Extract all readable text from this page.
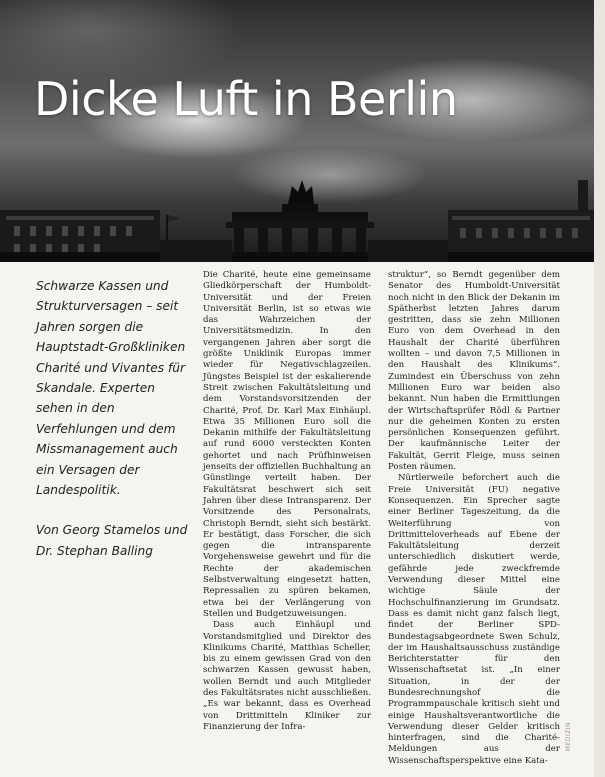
Dicke Luft in Berlin

Schwarze Kassen und Strukturversagen – seit Jahren sorgen die Hauptstadt-Großkliniken Charité und Vivantes für Skandale. Experten sehen in den Verfehlungen und dem Missmanagement auch ein Versagen der Landespolitik.

Von Georg Stamelos und Dr. Stephan Balling

Die Charité, heute eine gemeinsame Gliedkörperschaft der Humboldt-Universität und der Freien Universität Berlin, ist so etwas wie das Wahrzeichen der Universitätsmedizin. In den vergangenen Jahren aber sorgt die größte Uniklinik Europas immer wieder für Negativschlagzeilen. Jüngstes Beispiel ist der eskalierende Streit zwischen Fakultätsleitung und dem Vorstandsvorsitzenden der Charité, Prof. Dr. Karl Max Einhäupl. Etwa 35 Millionen Euro soll die Dekanin mithilfe der Fakultätsleitung auf rund 6000 versteckten Konten gehortet und nach Prüfhinweisen jenseits der offiziellen Buchhaltung an Günstlinge verteilt haben. Der Fakultätsrat beschwert sich seit Jahren über diese Intransparenz. Der Vorsitzende des Personalrats, Christoph Berndt, sieht sich bestärkt. Er bestätigt, dass Forscher, die sich gegen die intransparente Vorgehensweise gewehrt und für die Rechte der akademischen Selbstverwaltung eingesetzt hatten, Repressalien zu spüren bekamen, etwa bei der Verlängerung von Stellen und Budgetzuweisungen.

Dass auch Einhäupl und Vorstandsmitglied und Direktor des Klinikums Charité, Matthias Scheller, bis zu einem gewissen Grad von den schwarzen Kassen gewusst haben, wollen Berndt und auch Mitglieder des Fakultätsrates nicht ausschließen. „Es war bekannt, dass es Overhead von Drittmitteln Kliniker zur Finanzierung der Infra-

struktur“, so Berndt gegenüber dem Senator des Humboldt-Universität noch nicht in den Blick der Dekanin im Spätherbst letzten Jahres darum gestritten, dass sie zehn Millionen Euro von dem Overhead in den Haushalt der Charité überführen wollten – und davon 7,5 Millionen in den Haushalt des Klinikums“. Zumindest ein Überschuss von zehn Millionen Euro war beiden also bekannt. Nun haben die Ermittlungen der Wirtschaftsprüfer Rödl & Partner nur die geheimen Konten zu ersten persönlichen Konsequenzen geführt. Der kaufmännische Leiter der Fakultät, Gerrit Fleige, muss seinen Posten räumen.

Nürtlerweile beforchert auch die Freie Universität (FU) negative Konsequenzen. Ein Sprecher sagte einer Berliner Tageszeitung, da die Weiterführung von Drittmitteloverheads auf Ebene der Fakultätsleitung derzeit unterschiedlich diskutiert werde, gefährde jede zweckfremde Verwendung dieser Mittel eine wichtige Säule der Hochschulfinanzierung im Grundsatz. Dass es damit nicht ganz falsch liegt, findet der Berliner SPD-Bundestagsabgeordnete Swen Schulz, der im Haushaltsausschuss zuständige Berichterstatter für den Wissenschaftsetat ist. „In einer Situation, in der der Bundesrechnungshof die Programmpauschale kritisch sieht und einige Haushaltsverantwortliche die Verwendung dieser Gelder kritisch hinterfragen, sind die Charité-Meldungen aus der Wissenschaftsperspektive eine Kata-

MEDIZIN
